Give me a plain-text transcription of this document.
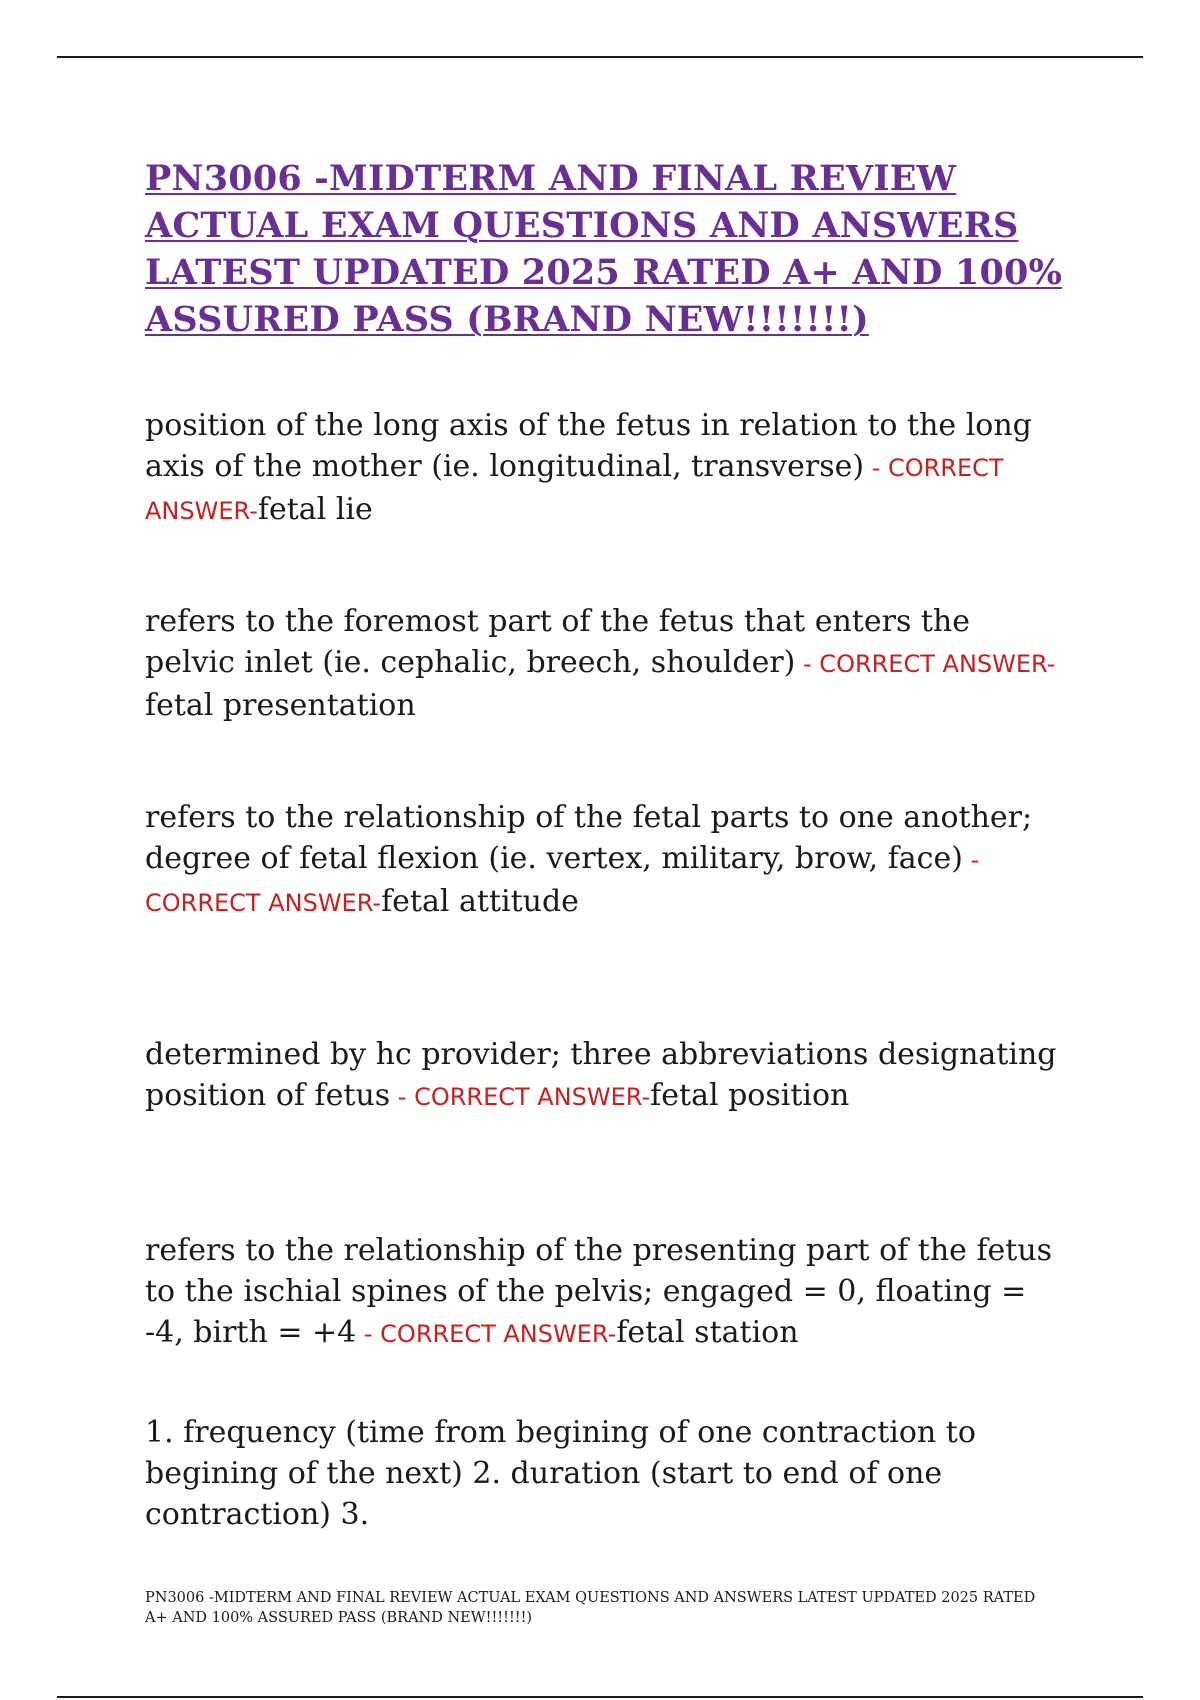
PN3006 -MIDTERM AND FINAL REVIEW ACTUAL EXAM QUESTIONS AND ANSWERS LATEST UPDATED 2025 RATED A+ AND 100% ASSURED PASS (BRAND NEW!!!!!!!)

position of the long axis of the fetus in relation to the long axis of the mother (ie. longitudinal, transverse) - CORRECT ANSWER-fetal lie

refers to the foremost part of the fetus that enters the pelvic inlet (ie. cephalic, breech, shoulder) - CORRECT ANSWER-fetal presentation

refers to the relationship of the fetal parts to one another;
degree of fetal flexion (ie. vertex, military, brow, face) - CORRECT ANSWER-fetal attitude

determined by hc provider; three abbreviations designating position of fetus - CORRECT ANSWER-fetal position

refers to the relationship of the presenting part of the fetus to the ischial spines of the pelvis; engaged = 0, floating = -4, birth = +4 - CORRECT ANSWER-fetal station

1. frequency (time from begining of one contraction to begining of the next) 2. duration (start to end of one contraction) 3.

PN3006 -MIDTERM AND FINAL REVIEW ACTUAL EXAM QUESTIONS AND ANSWERS LATEST UPDATED 2025 RATED A+ AND 100% ASSURED PASS (BRAND NEW!!!!!!!)
